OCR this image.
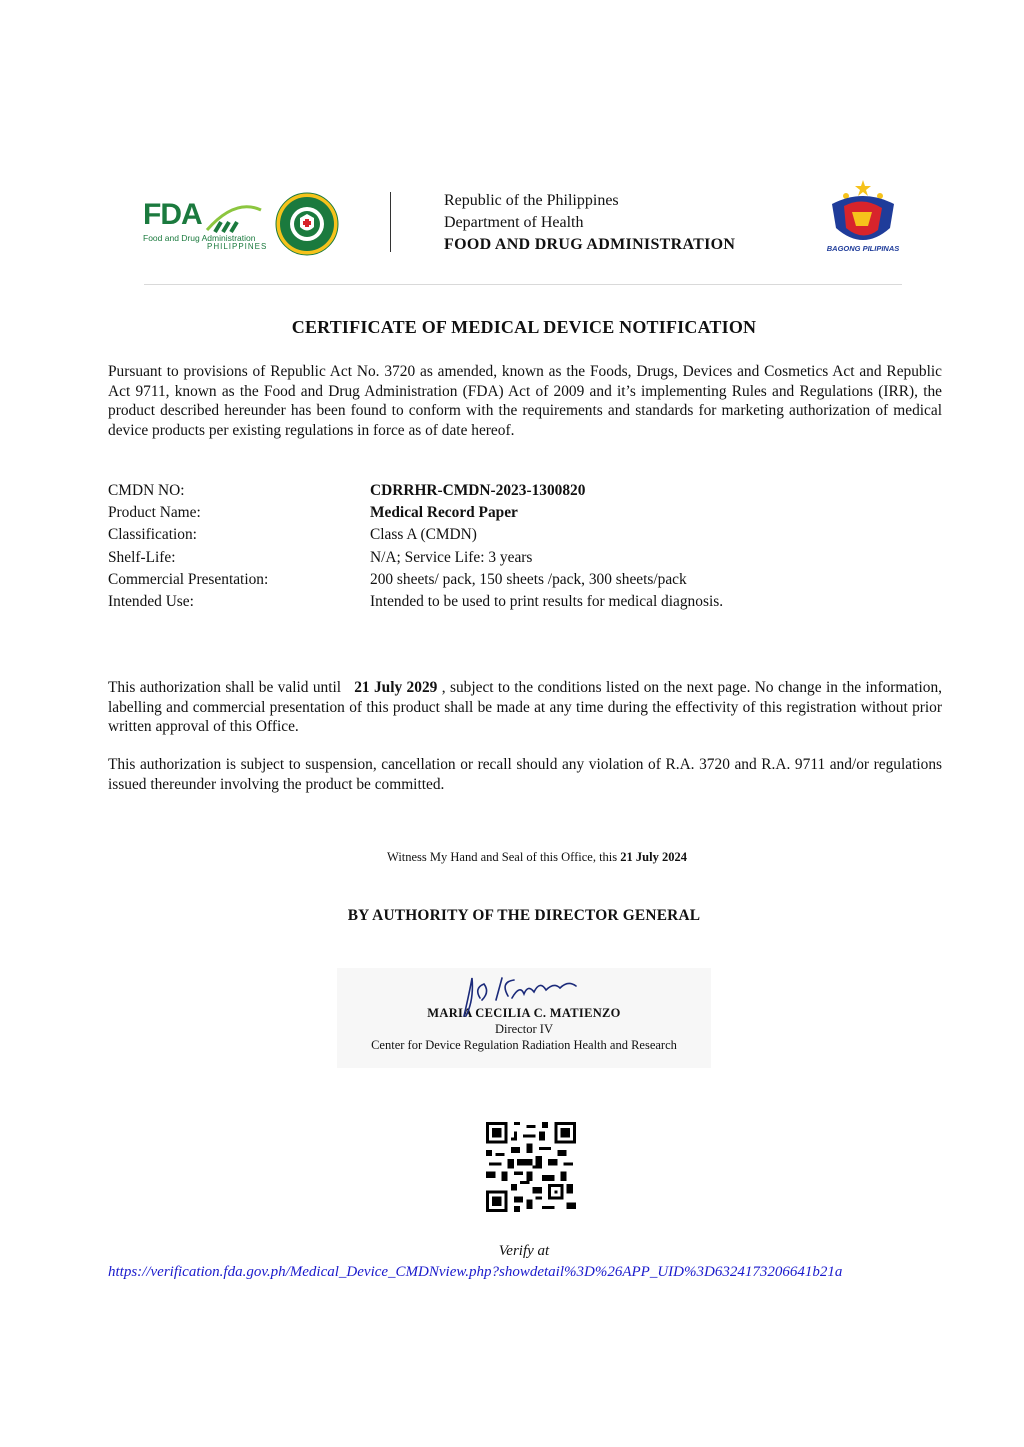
FDA
Food and Drug Administration
PHILIPPINES
Republic of the Philippines
Department of Health
FOOD AND DRUG ADMINISTRATION	BAGONG PILIPINAS
CERTIFICATE OF MEDICAL DEVICE NOTIFICATION
Pursuant to provisions of Republic Act No. 3720 as amended, known as the Foods, Drugs, Devices and Cosmetics Act and Republic Act 9711, known as the Food and Drug Administration (FDA) Act of 2009 and it’s implementing Rules and Regulations (IRR), the product described hereunder has been found to conform with the requirements and standards for marketing authorization of medical device products per existing regulations in force as of date hereof.
CMDN NO:	CDRRHR-CMDN-2023-1300820
Product Name:	Medical Record Paper
Classification:	Class A (CMDN)
Shelf-Life:	N/A; Service Life: 3 years
Commercial Presentation:	200 sheets/ pack, 150 sheets /pack, 300 sheets/pack
Intended Use:	Intended to be used to print results for medical diagnosis.
This authorization shall be valid until 21 July 2029 , subject to the conditions listed on the next page. No change in the information, labelling and commercial presentation of this product shall be made at any time during the effectivity of this registration without prior written approval of this Office.
This authorization is subject to suspension, cancellation or recall should any violation of R.A. 3720 and R.A. 9711 and/or regulations issued thereunder involving the product be committed.
Witness My Hand and Seal of this Office, this 21 July 2024
BY AUTHORITY OF THE DIRECTOR GENERAL
MARIA CECILIA C. MATIENZO
Director IV
Center for Device Regulation Radiation Health and Research
Verify at
https://verification.fda.gov.ph/Medical_Device_CMDNview.php?showdetail%3D%26APP_UID%3D6324173206641b21a
